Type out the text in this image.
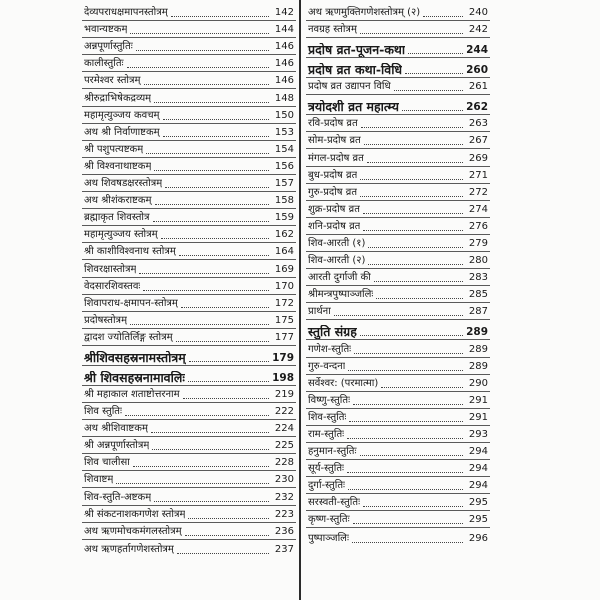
देव्यपराधक्षमापनस्तोत्रम्	142
भवान्यष्टकम्	144
अन्नपूर्णास्तुतिः	146
कालीस्तुतिः	146
परमेश्वर स्तोत्रम्	146
श्रीरुद्राभिषेकद्रव्यम्	148
महामृत्युञ्जय कवचम्	150
अथ श्री निर्वाणाष्टकम्	153
श्री पशुपत्यष्टकम्	154
श्री विश्वनाथाष्टकम्	156
अथ शिवषडक्षरस्तोत्रम्	157
अथ श्रीशंकराष्टकम्	158
ब्रह्माकृत शिवस्तोत्र	159
महामृत्युञ्जय स्तोत्रम्	162
श्री काशीविश्वनाथ स्तोत्रम्	164
शिवरक्षास्तोत्रम्	169
वेदसारशिवस्तवः	170
शिवापराध-क्षमापन-स्तोत्रम्	172
प्रदोषस्तोत्रम्	175
द्वादश ज्योतिर्लिङ्ग स्तोत्रम्	177
श्रीशिवसहस्रनामस्तोत्रम्	179
श्री शिवसहस्रनामावलिः	198
श्री महाकाल शताष्टोत्तरनाम	219
शिव स्तुतिः	222
अथ श्रीशिवाष्टकम्	224
श्री अन्नपूर्णास्तोत्रम्	225
शिव चालीसा	228
शिवाष्टम्	230
शिव-स्तुति-अष्टकम्	232
श्री संकटनाशकगणेश स्तोत्रम्	223
अथ ऋणमोचकमंगलस्तोत्रम्	236
अथ ऋणहर्तागणेशस्तोत्रम्	237
अथ ऋणमुक्तिगणेशस्तोत्रम् (२)	240
नवग्रह स्तोत्रम्	242
प्रदोष व्रत-पूजन-कथा	244
प्रदोष व्रत कथा-विधि	260
प्रदोष व्रत उद्यापन विधि	261
त्रयोदशी व्रत महात्म्य	262
रवि-प्रदोष व्रत	263
सोम-प्रदोष व्रत	267
मंगल-प्रदोष व्रत	269
बुध-प्रदोष व्रत	271
गुरु-प्रदोष व्रत	272
शुक्र-प्रदोष व्रत	274
शनि-प्रदोष व्रत	276
शिव-आरती (१)	279
शिव-आरती (२)	280
आरती दुर्गाजी की	283
श्रीमन्त्रपुष्पाञ्जलिः	285
प्रार्थना	287
स्तुति संग्रह	289
गणेश-स्तुतिः	289
गुरु-वन्दना	289
सर्वेश्वर: (परमात्मा)	290
विष्णु-स्तुतिः	291
शिव-स्तुतिः	291
राम-स्तुतिः	293
हनुमान-स्तुतिः	294
सूर्य-स्तुतिः	294
दुर्गा-स्तुतिः	294
सरस्वती-स्तुतिः	295
कृष्ण-स्तुतिः	295
पुष्पाञ्जलिः	296
